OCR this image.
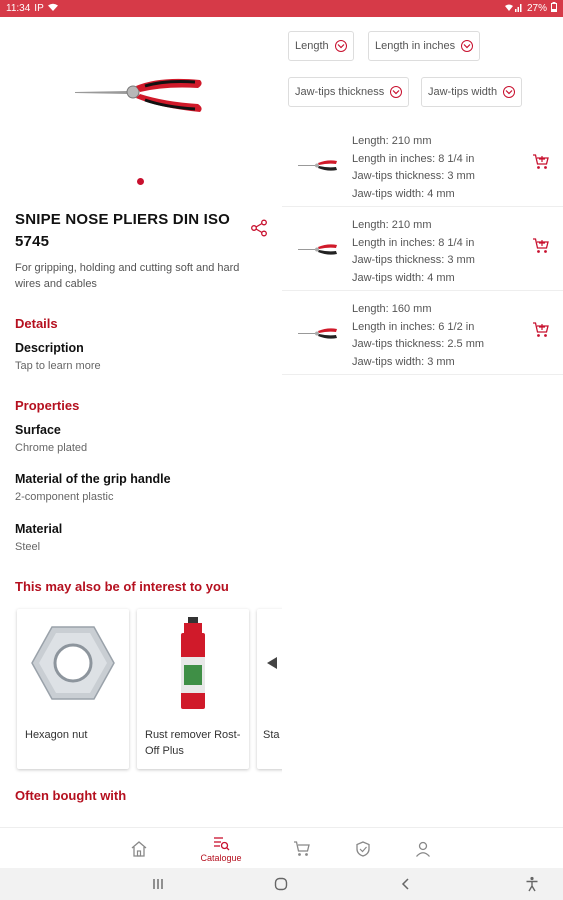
11:34 IP	27%
SNIPE NOSE PLIERS DIN ISO 5745
For gripping, holding and cutting soft and hard wires and cables
Details
Description
Tap to learn more
Properties
Surface
Chrome plated
Material of the grip handle
2-component plastic
Material
Steel
This may also be of interest to you
Hexagon nut	Rust remover Rost-Off Plus
Sta
Often bought with
Length	Length in inches
Jaw-tips thickness	Jaw-tips width
Length: 210 mm
Length in inches: 8 1/4 in
Jaw-tips thickness: 3 mm
Jaw-tips width: 4 mm
Length: 210 mm
Length in inches: 8 1/4 in
Jaw-tips thickness: 3 mm
Jaw-tips width: 4 mm
Length: 160 mm
Length in inches: 6 1/2 in
Jaw-tips thickness: 2.5 mm
Jaw-tips width: 3 mm
Catalogue
